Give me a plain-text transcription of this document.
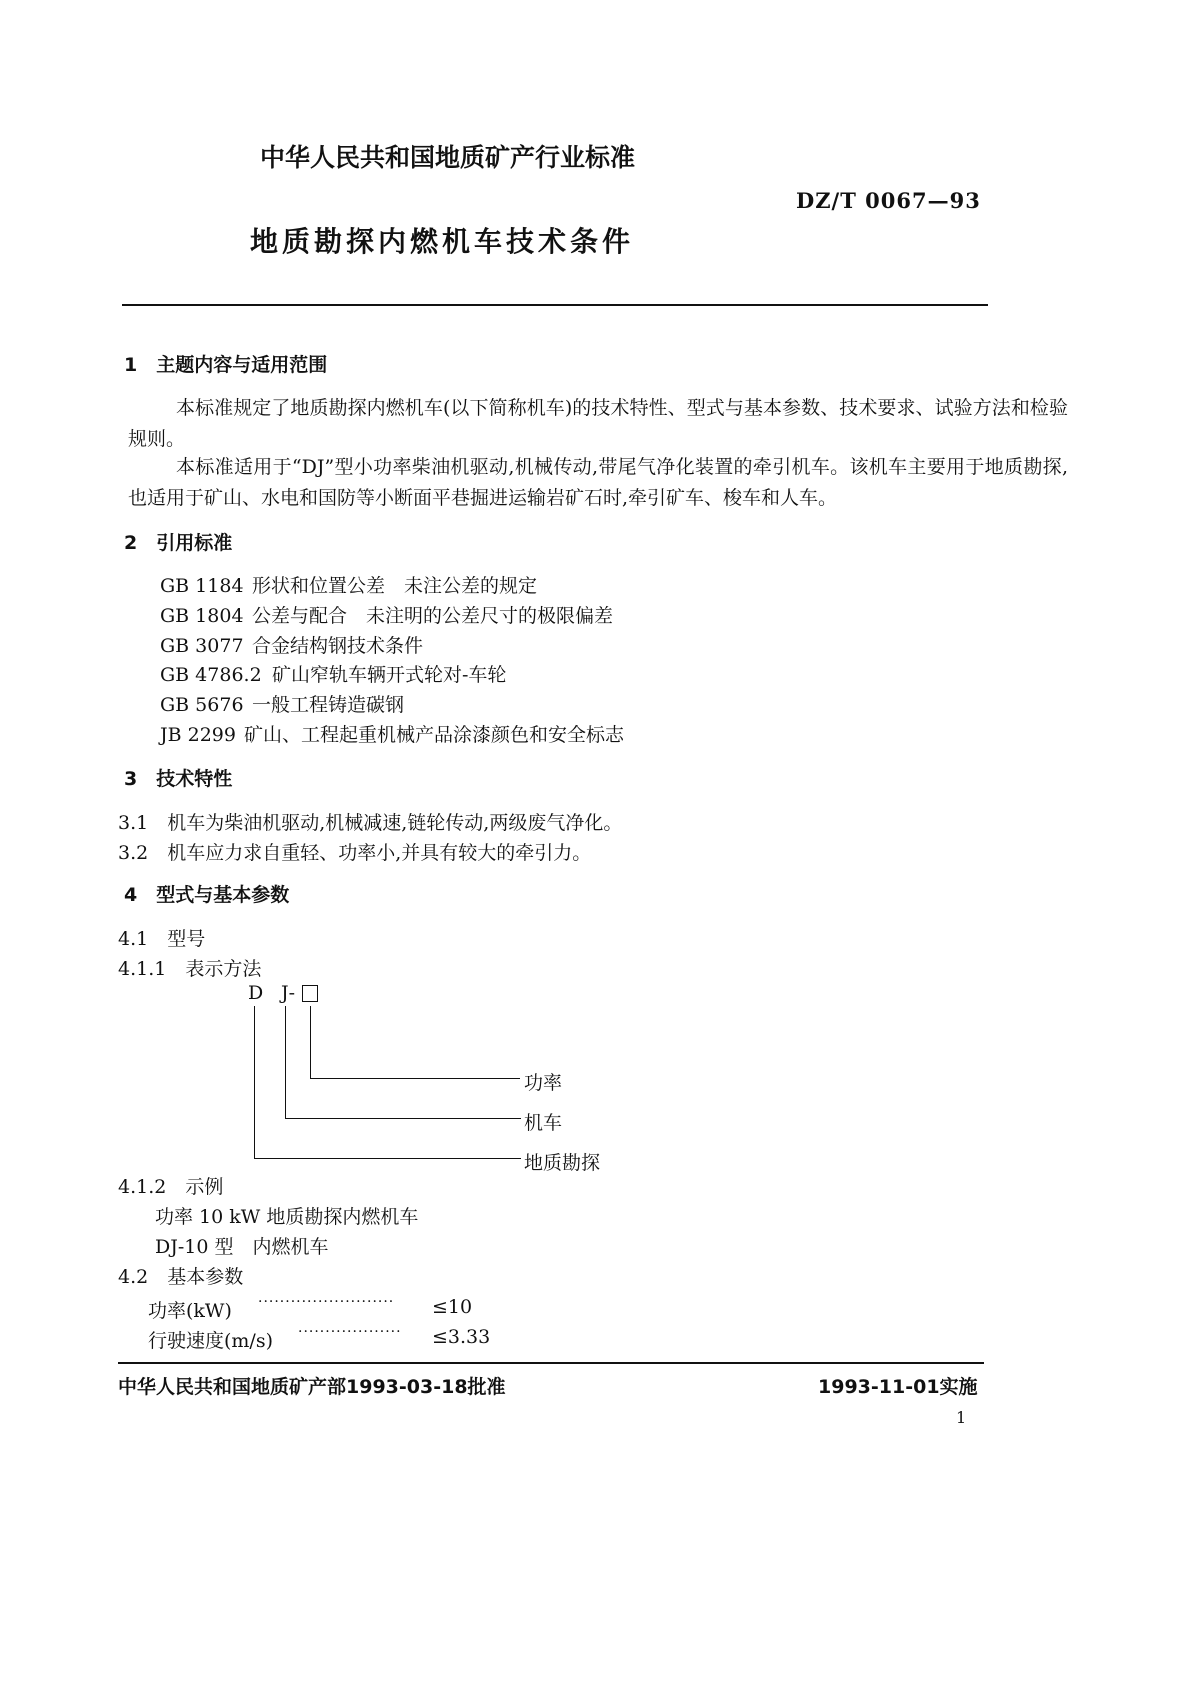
中华人民共和国地质矿产行业标准
DZ/T 0067—93
地质勘探内燃机车技术条件
1　主题内容与适用范围
本标准规定了地质勘探内燃机车(以下简称机车)的技术特性、型式与基本参数、技术要求、试验方法和检验规则。
本标准适用于“DJ”型小功率柴油机驱动,机械传动,带尾气净化装置的牵引机车。该机车主要用于地质勘探,也适用于矿山、水电和国防等小断面平巷掘进运输岩矿石时,牵引矿车、梭车和人车。
2　引用标准
GB 1184 形状和位置公差　未注公差的规定
GB 1804 公差与配合　未注明的公差尺寸的极限偏差
GB 3077 合金结构钢技术条件
GB 4786.2 矿山窄轨车辆开式轮对-车轮
GB 5676 一般工程铸造碳钢
JB 2299 矿山、工程起重机械产品涂漆颜色和安全标志
3　技术特性
3.1　机车为柴油机驱动,机械减速,链轮传动,两级废气净化。
3.2　机车应力求自重轻、功率小,并具有较大的牵引力。
4　型式与基本参数
4.1　型号
4.1.1　表示方法
D J-
功率
机车
地质勘探
4.1.2　示例
功率 10 kW 地质勘探内燃机车
DJ-10 型　内燃机车
4.2　基本参数
功率(kW) ························· ≤10
行驶速度(m/s) ··················· ≤3.33
中华人民共和国地质矿产部1993-03-18批准	1993-11-01实施
1
